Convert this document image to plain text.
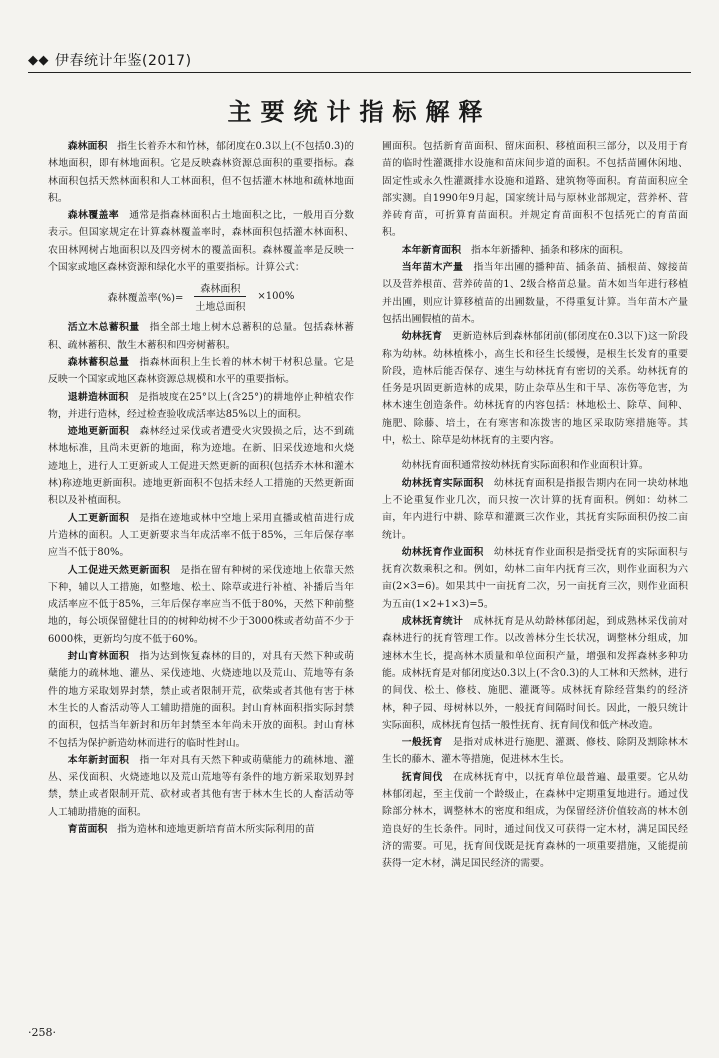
◆◆ 伊春统计年鉴(2017)
主要统计指标解释

森林面积　 指生长着乔木和竹林，郁闭度在0.3以上(不包括0.3)的林地面积，即有林地面积。它是反映森林资源总面积的重要指标。森林面积包括天然林面积和人工林面积，但不包括灌木林地和疏林地面积。

森林覆盖率　 通常是指森林面积占土地面积之比，一般用百分数表示。但国家规定在计算森林覆盖率时，森林面积包括灌木林面积、农田林网树占地面积以及四旁树木的覆盖面积。森林覆盖率是反映一个国家或地区森林资源和绿化水平的重要指标。计算公式：

森林覆盖率(%)= $\frac{\text{森林面积}}{\text{土地总面积}} \times 100\%$

活立木总蓄积量　 指全部土地上树木总蓄积的总量。包括森林蓄积、疏林蓄积、散生木蓄积和四旁树蓄积。

森林蓄积总量　 指森林面积上生长着的林木树干材积总量。它是反映一个国家或地区森林资源总规模和水平的重要指标。

退耕造林面积　 是指坡度在25°以上(含25°)的耕地停止种植农作物，并进行造林，经过检查验收成活率达85%以上的面积。

迹地更新面积　 森林经过采伐或者遭受火灾毁损之后，达不到疏林地标准，且尚未更新的地面，称为迹地。在新、旧采伐迹地和火烧迹地上，进行人工更新或人工促进天然更新的面积(包括乔木林和灌木林)称迹地更新面积。迹地更新面积不包括未经人工措施的天然更新面积以及补植面积。

人工更新面积　 是指在迹地或林中空地上采用直播或植苗进行成片造林的面积。人工更新要求当年成活率不低于85%，三年后保存率应当不低于80%。

人工促进天然更新面积　 是指在留有种树的采伐迹地上依靠天然下种，辅以人工措施，如整地、松土、除草或进行补植、补播后当年成活率应不低于85%，三年后保存率应当不低于80%，天然下种前整地的，每公顷保留健壮目的的树种幼树不少于3000株或者幼苗不少于6000株，更新均匀度不低于60%。

封山育林面积　 指为达到恢复森林的目的，对具有天然下种或萌蘖能力的疏林地、灌丛、采伐迹地、火烧迹地以及荒山、荒地等有条件的地方采取划界封禁，禁止或者限制开荒，砍柴或者其他有害于林木生长的人畜活动等人工辅助措施的面积。封山育林面积指实际封禁的面积，包括当年新封和历年封禁至本年尚未开放的面积。封山育林不包括为保护新造幼林而进行的临时性封山。

本年新封面积　 指一年对具有天然下种或萌蘖能力的疏林地、灌丛、采伐面积、火烧迹地以及荒山荒地等有条件的地方新采取划界封禁，禁止或者限制开荒、砍材或者其他有害于林木生长的人畜活动等人工辅助措施的面积。

育苗面积　 指为造林和迹地更新培育苗木所实际利用的苗

圃面积。包括新育苗面积、留床面积、移植面积三部分，以及用于育苗的临时性灌溉排水设施和苗床间步道的面积。不包括苗圃休闲地、固定性或永久性灌溉排水设施和道路、建筑物等面积。育苗面积应全部实测。自1990年9月起，国家统计局与原林业部规定，营养杯、营养砖育苗，可折算育苗面积。并规定育苗面积不包括死亡的育苗面积。

本年新育面积　 指本年新播种、插条和移床的面积。

当年苗木产量　 指当年出圃的播种苗、插条苗、插根苗、嫁接苗以及营养根苗、营养砖苗的1、2级合格苗总量。苗木如当年进行移植并出圃，则应计算移植苗的出圃数量，不得重复计算。当年苗木产量包括出圃假植的苗木。

幼林抚育　 更新造林后到森林郁闭前(郁闭度在0.3以下)这一阶段称为幼林。幼林植株小，高生长和径生长缓慢，是根生长发育的重要阶段，造林后能否保存、速生与幼林抚育有密切的关系。幼林抚育的任务是巩固更新造林的成果，防止杂草丛生和干旱、冻伤等危害，为林木速生创造条件。幼林抚育的内容包括：林地松土、除草、间种、施肥、除藤、培土，在有寒害和冻拨害的地区采取防寒措施等。其中，松土、除草是幼林抚育的主要内容。

幼林抚育面积通常按幼林抚育实际面积和作业面积计算。

幼林抚育实际面积　 幼林抚育面积是指报告期内在同一块幼林地上不论重复作业几次，而只按一次计算的抚育面积。例如：幼林二亩，年内进行中耕、除草和灌溉三次作业，其抚育实际面积仍按二亩统计。

幼林抚育作业面积　 幼林抚育作业面积是指受抚育的实际面积与抚育次数乘积之和。例如，幼林二亩年内抚育三次，则作业面积为六亩(2×3=6)。如果其中一亩抚育二次，另一亩抚育三次，则作业面积为五亩(1×2+1×3)=5。

成林抚育统计　 成林抚育是从幼龄林郁闭起，到成熟林采伐前对森林进行的抚育管理工作。以改善林分生长状况，调整林分组成，加速林木生长，提高林木质量和单位面积产量，增强和发挥森林多种功能。成林抚育是对郁闭度达0.3以上(不含0.3)的人工林和天然林，进行的间伐、松土、修枝、施肥、灌溉等。成林抚育除经营集约的经济林，种子园、母树林以外，一般抚育间隔时间长。因此，一般只统计实际面积，成林抚育包括一般性抚育、抚育间伐和低产林改造。

一般抚育　 是指对成林进行施肥、灌溉、修枝、除阴及割除林木生长的藤木、灌木等措施，促进林木生长。

抚育间伐　 在成林抚育中，以抚育单位最普遍、最重要。它从幼林郁闭起，至主伐前一个龄级止，在森林中定期重复地进行。通过伐除部分林木，调整林木的密度和组成，为保留经济价值较高的林木创造良好的生长条件。同时，通过间伐又可获得一定木材，满足国民经济的需要。可见，抚育间伐既是抚育森林的一项重要措施，又能提前获得一定木材，满足国民经济的需要。

·258·
